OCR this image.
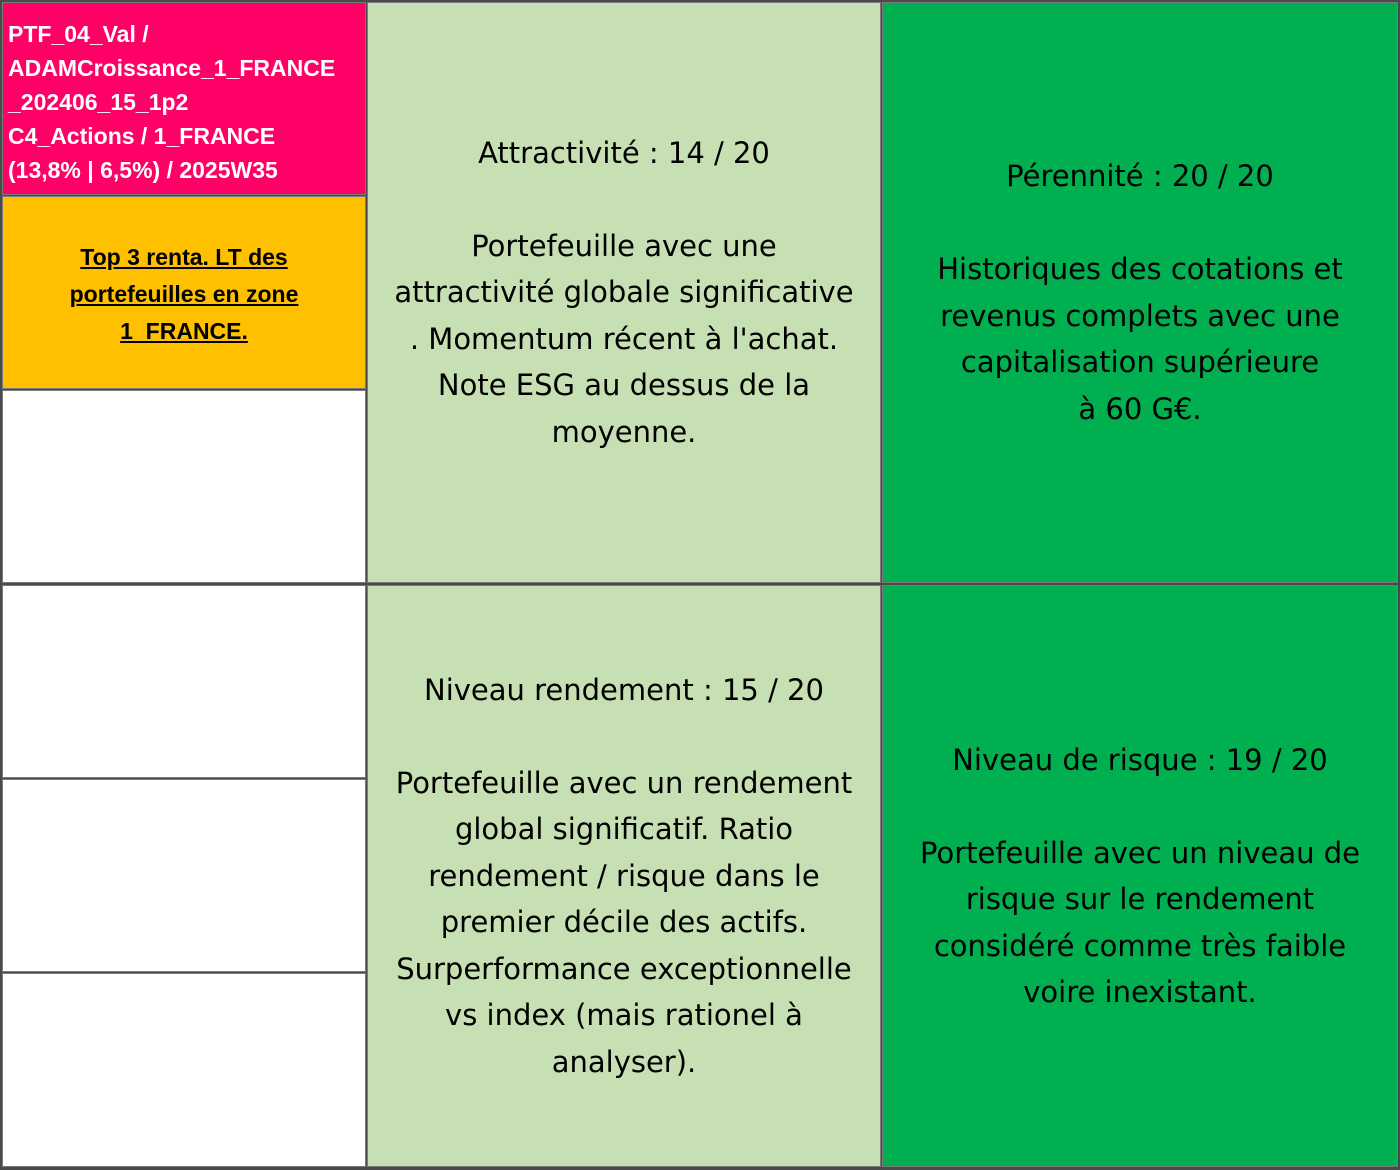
PTF_04_Val /
ADAMCroissance_1_FRANCE
_202406_15_1p2
C4_Actions / 1_FRANCE
(13,8% | 6,5%) / 2025W35
Top 3 renta. LT des
portefeuilles en zone
1_FRANCE.
Attractivité : 14 / 20
Portefeuille avec une
attractivité globale significative
. Momentum récent à l'achat.
Note ESG au dessus de la
moyenne.
Pérennité : 20 / 20
Historiques des cotations et
revenus complets avec une
capitalisation supérieure
à 60 G€.
Niveau rendement : 15 / 20
Portefeuille avec un rendement
global significatif. Ratio
rendement / risque dans le
premier décile des actifs.
Surperformance exceptionnelle
vs index (mais rationel à
analyser).
Niveau de risque : 19 / 20
Portefeuille avec un niveau de
risque sur le rendement
considéré comme très faible
voire inexistant.
